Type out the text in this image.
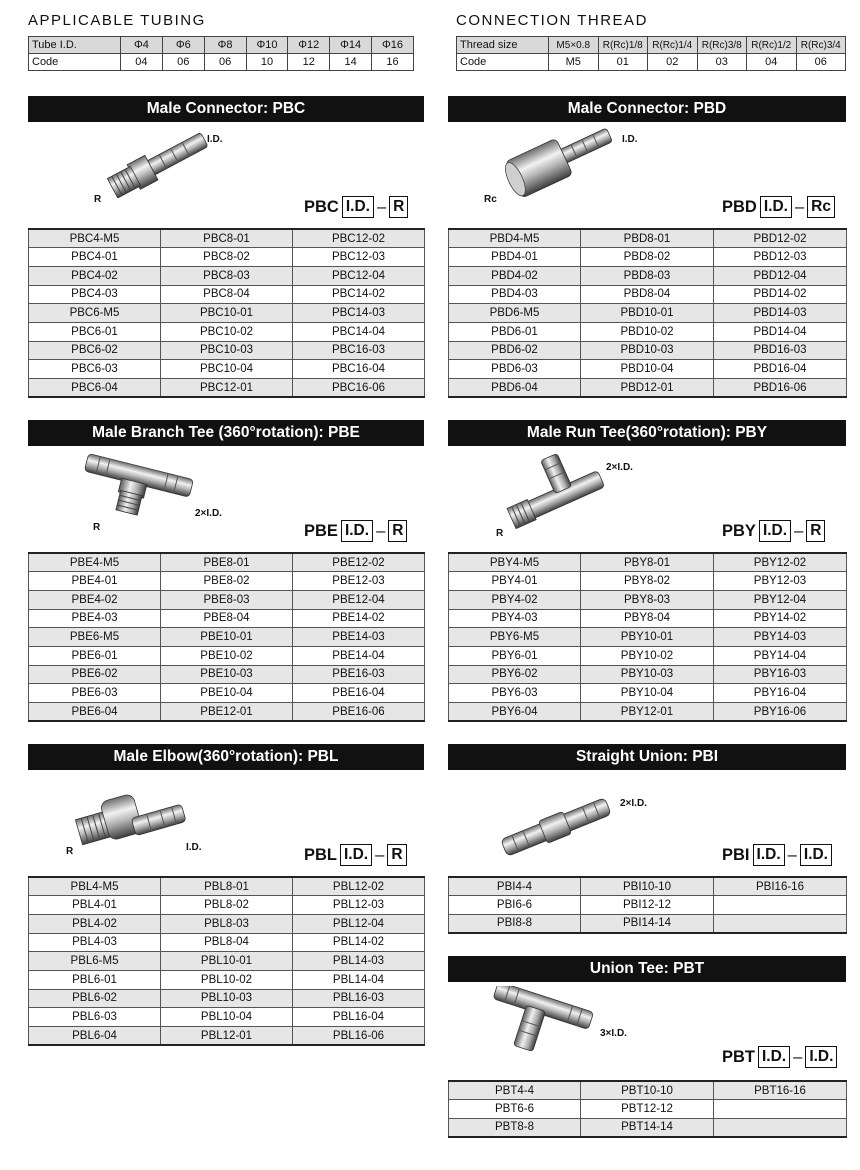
APPLICABLE TUBING
Tube I.D.	Φ4	Φ6	Φ8	Φ10	Φ12	Φ14	Φ16
Code	04	06	06	10	12	14	16
CONNECTION THREAD
Thread size	M5×0.8	R(Rc)1/8	R(Rc)1/4	R(Rc)3/8	R(Rc)1/2	R(Rc)3/4
Code	M5	01	02	03	04	06
Male Connector: PBC
I.D.
R	PBC I.D. – R
PBC4-M5	PBC8-01	PBC12-02
PBC4-01	PBC8-02	PBC12-03
PBC4-02	PBC8-03	PBC12-04
PBC4-03	PBC8-04	PBC14-02
PBC6-M5	PBC10-01	PBC14-03
PBC6-01	PBC10-02	PBC14-04
PBC6-02	PBC10-03	PBC16-03
PBC6-03	PBC10-04	PBC16-04
PBC6-04	PBC12-01	PBC16-06
Male Connector: PBD
I.D.
Rc	PBD I.D. – Rc
PBD4-M5	PBD8-01	PBD12-02
PBD4-01	PBD8-02	PBD12-03
PBD4-02	PBD8-03	PBD12-04
PBD4-03	PBD8-04	PBD14-02
PBD6-M5	PBD10-01	PBD14-03
PBD6-01	PBD10-02	PBD14-04
PBD6-02	PBD10-03	PBD16-03
PBD6-03	PBD10-04	PBD16-04
PBD6-04	PBD12-01	PBD16-06
Male Branch Tee (360°rotation): PBE
2×I.D.
R	PBE I.D. – R
PBE4-M5	PBE8-01	PBE12-02
PBE4-01	PBE8-02	PBE12-03
PBE4-02	PBE8-03	PBE12-04
PBE4-03	PBE8-04	PBE14-02
PBE6-M5	PBE10-01	PBE14-03
PBE6-01	PBE10-02	PBE14-04
PBE6-02	PBE10-03	PBE16-03
PBE6-03	PBE10-04	PBE16-04
PBE6-04	PBE12-01	PBE16-06
Male Run Tee(360°rotation): PBY
2×I.D.
R	PBY I.D. – R
PBY4-M5	PBY8-01	PBY12-02
PBY4-01	PBY8-02	PBY12-03
PBY4-02	PBY8-03	PBY12-04
PBY4-03	PBY8-04	PBY14-02
PBY6-M5	PBY10-01	PBY14-03
PBY6-01	PBY10-02	PBY14-04
PBY6-02	PBY10-03	PBY16-03
PBY6-03	PBY10-04	PBY16-04
PBY6-04	PBY12-01	PBY16-06
Male Elbow(360°rotation): PBL
I.D.
R	PBL I.D. – R
PBL4-M5	PBL8-01	PBL12-02
PBL4-01	PBL8-02	PBL12-03
PBL4-02	PBL8-03	PBL12-04
PBL4-03	PBL8-04	PBL14-02
PBL6-M5	PBL10-01	PBL14-03
PBL6-01	PBL10-02	PBL14-04
PBL6-02	PBL10-03	PBL16-03
PBL6-03	PBL10-04	PBL16-04
PBL6-04	PBL12-01	PBL16-06
Straight Union: PBI
2×I.D.
PBI I.D. – I.D.
PBI4-4	PBI10-10	PBI16-16
PBI6-6	PBI12-12	
PBI8-8	PBI14-14	
Union Tee: PBT
3×I.D.
PBT I.D. – I.D.
PBT4-4	PBT10-10	PBT16-16
PBT6-6	PBT12-12	
PBT8-8	PBT14-14	
